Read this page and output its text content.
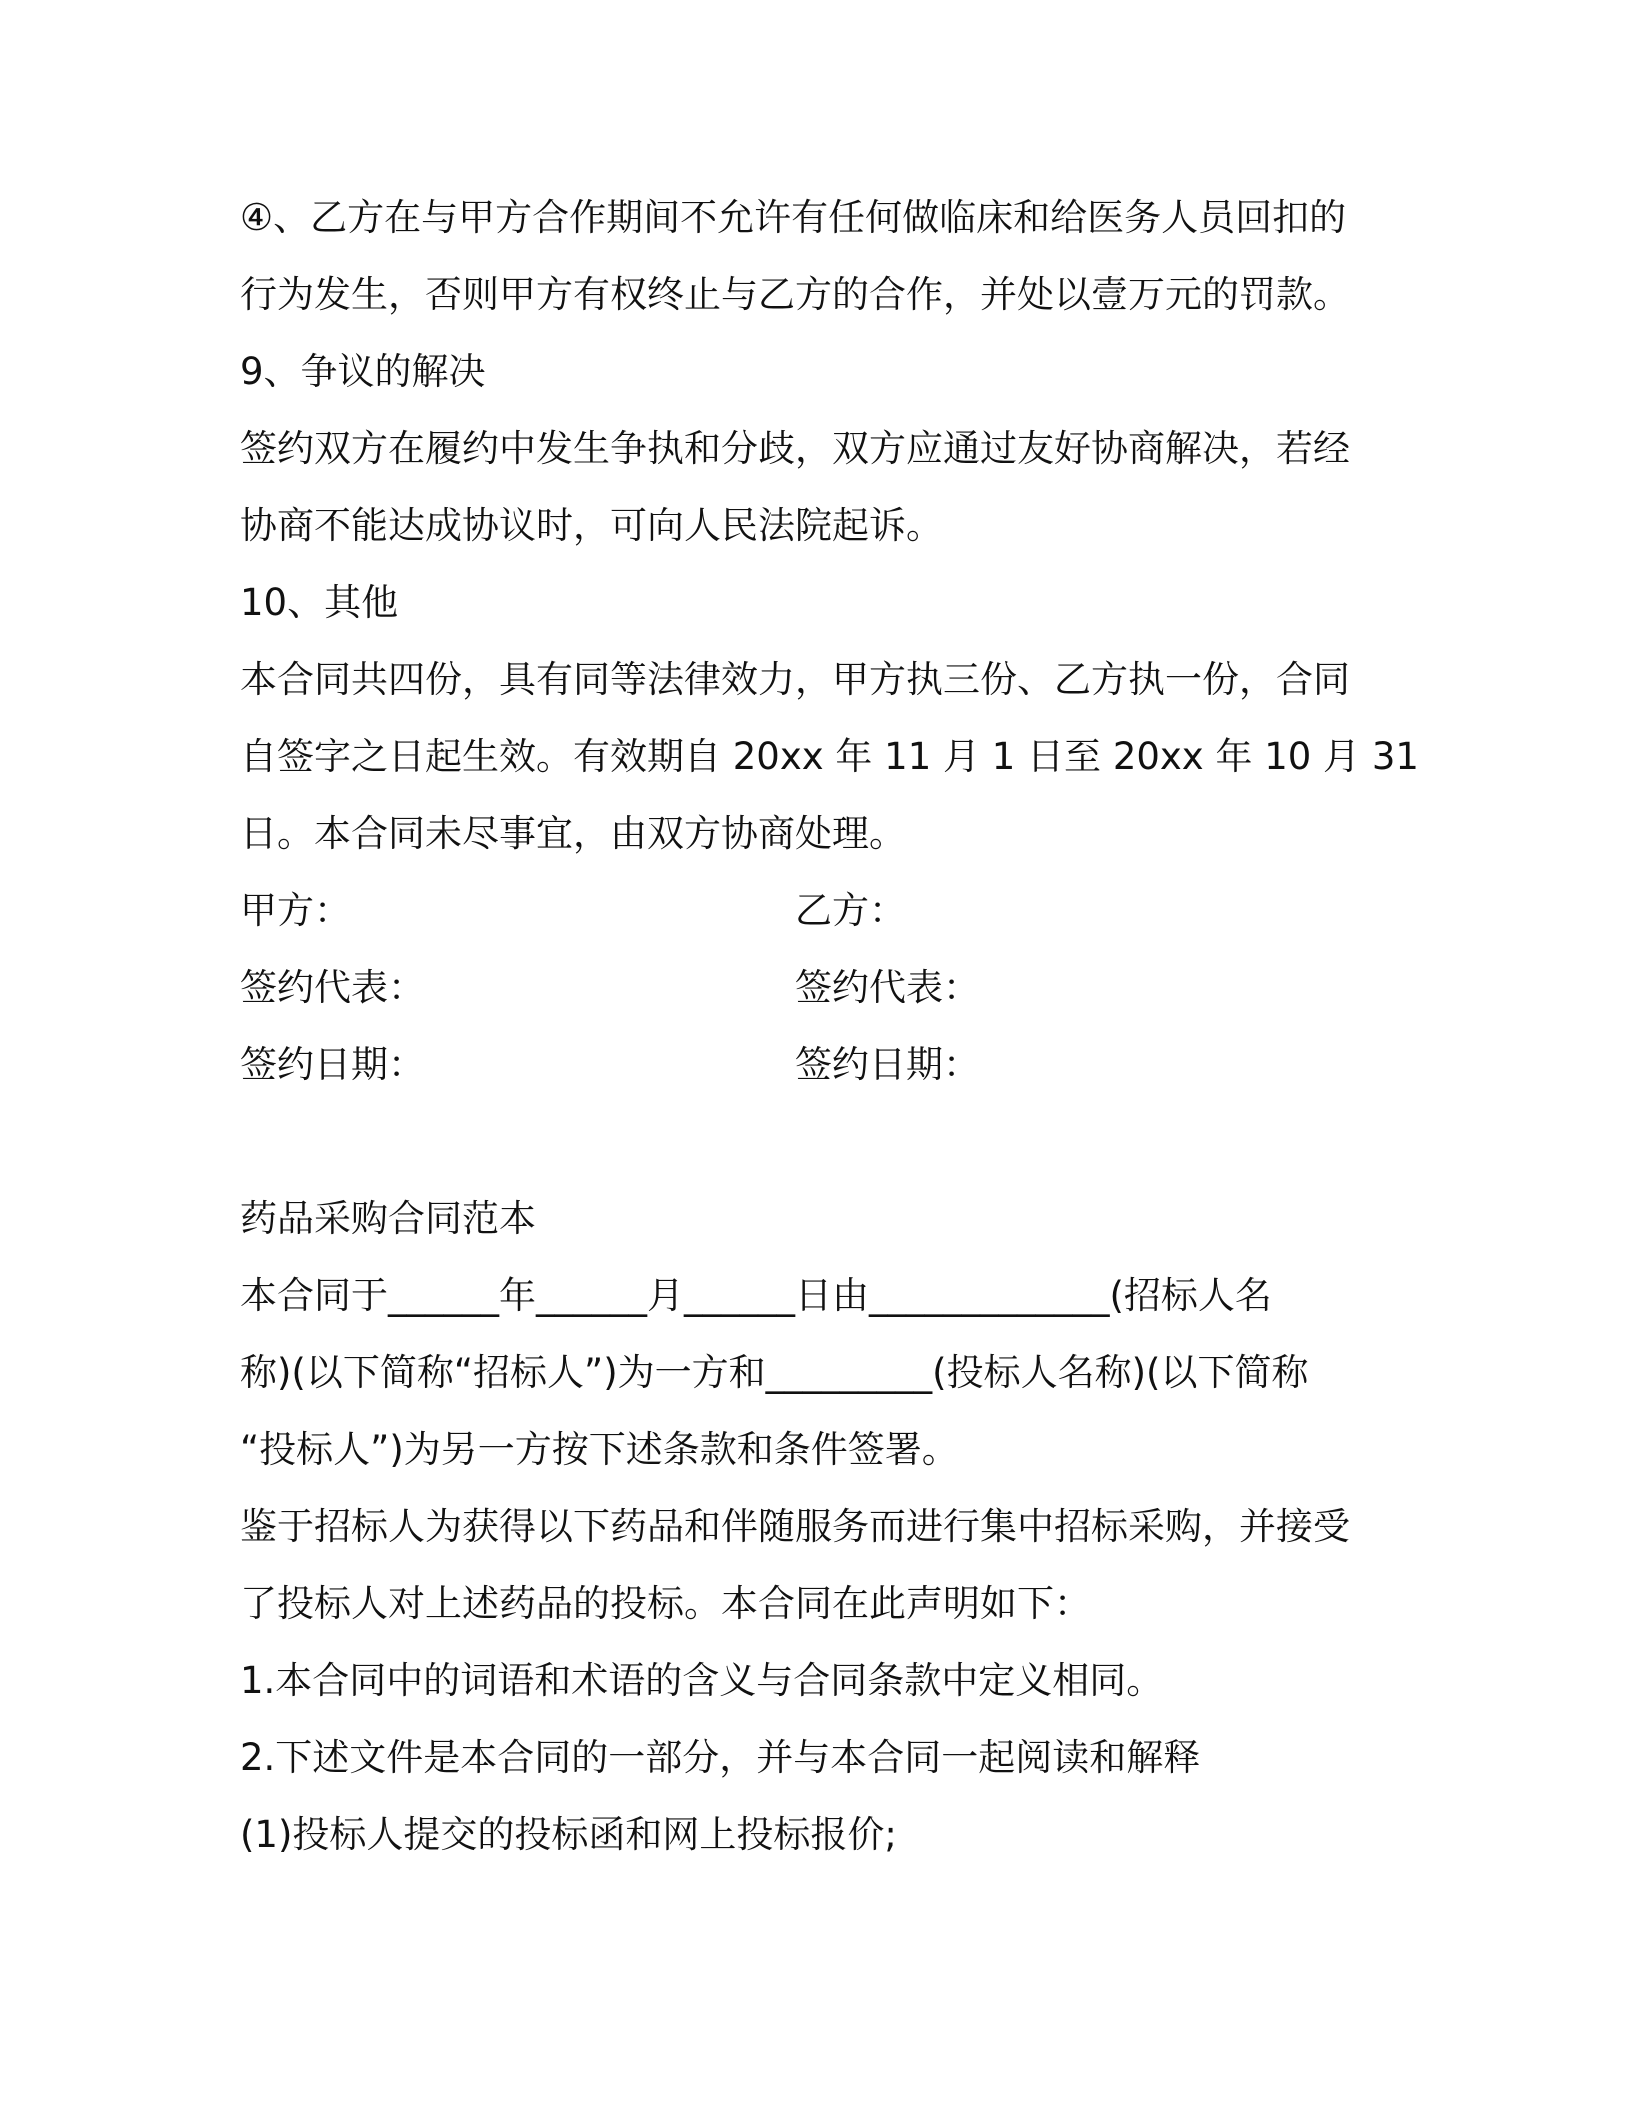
④、乙方在与甲方合作期间不允许有任何做临床和给医务人员回扣的
行为发生，否则甲方有权终止与乙方的合作，并处以壹万元的罚款。
9、争议的解决
签约双方在履约中发生争执和分歧，双方应通过友好协商解决，若经
协商不能达成协议时，可向人民法院起诉。
10、其他
本合同共四份，具有同等法律效力，甲方执三份、乙方执一份，合同
自签字之日起生效。有效期自 20xx 年 11 月 1 日至 20xx 年 10 月 31
日。本合同未尽事宜，由双方协商处理。
甲方：	乙方：
签约代表：	签约代表：
签约日期：	签约日期：
药品采购合同范本
本合同于______年______月______日由_____________(招标人名
称)(以下简称“招标人”)为一方和_________(投标人名称)(以下简称
“投标人”)为另一方按下述条款和条件签署。
鉴于招标人为获得以下药品和伴随服务而进行集中招标采购，并接受
了投标人对上述药品的投标。本合同在此声明如下：
1.本合同中的词语和术语的含义与合同条款中定义相同。
2.下述文件是本合同的一部分，并与本合同一起阅读和解释
(1)投标人提交的投标函和网上投标报价;
